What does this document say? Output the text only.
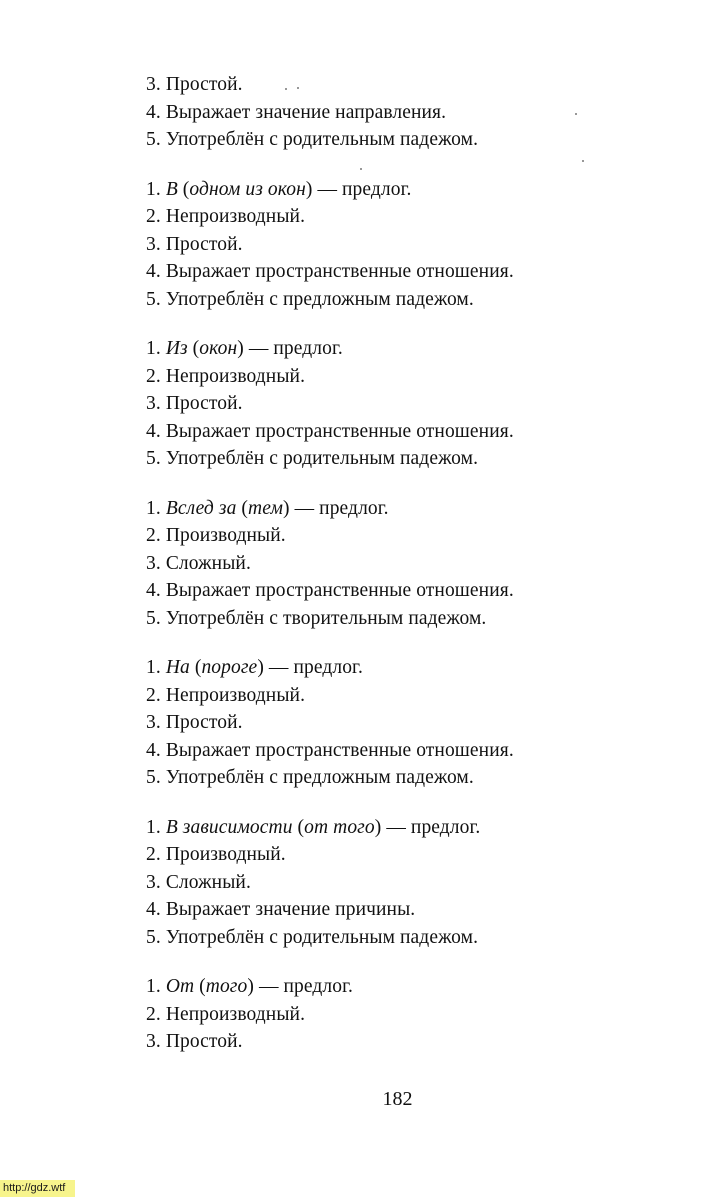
3. Простой.
4. Выражает значение направления.
5. Употреблён с родительным падежом.
1. В (одном из окон) — предлог.
2. Непроизводный.
3. Простой.
4. Выражает пространственные отношения.
5. Употреблён с предложным падежом.
1. Из (окон) — предлог.
2. Непроизводный.
3. Простой.
4. Выражает пространственные отношения.
5. Употреблён с родительным падежом.
1. Вслед за (тем) — предлог.
2. Производный.
3. Сложный.
4. Выражает пространственные отношения.
5. Употреблён с творительным падежом.
1. На (пороге) — предлог.
2. Непроизводный.
3. Простой.
4. Выражает пространственные отношения.
5. Употреблён с предложным падежом.
1. В зависимости (от того) — предлог.
2. Производный.
3. Сложный.
4. Выражает значение причины.
5. Употреблён с родительным падежом.
1. От (того) — предлог.
2. Непроизводный.
3. Простой.
182
http://gdz.wtf
